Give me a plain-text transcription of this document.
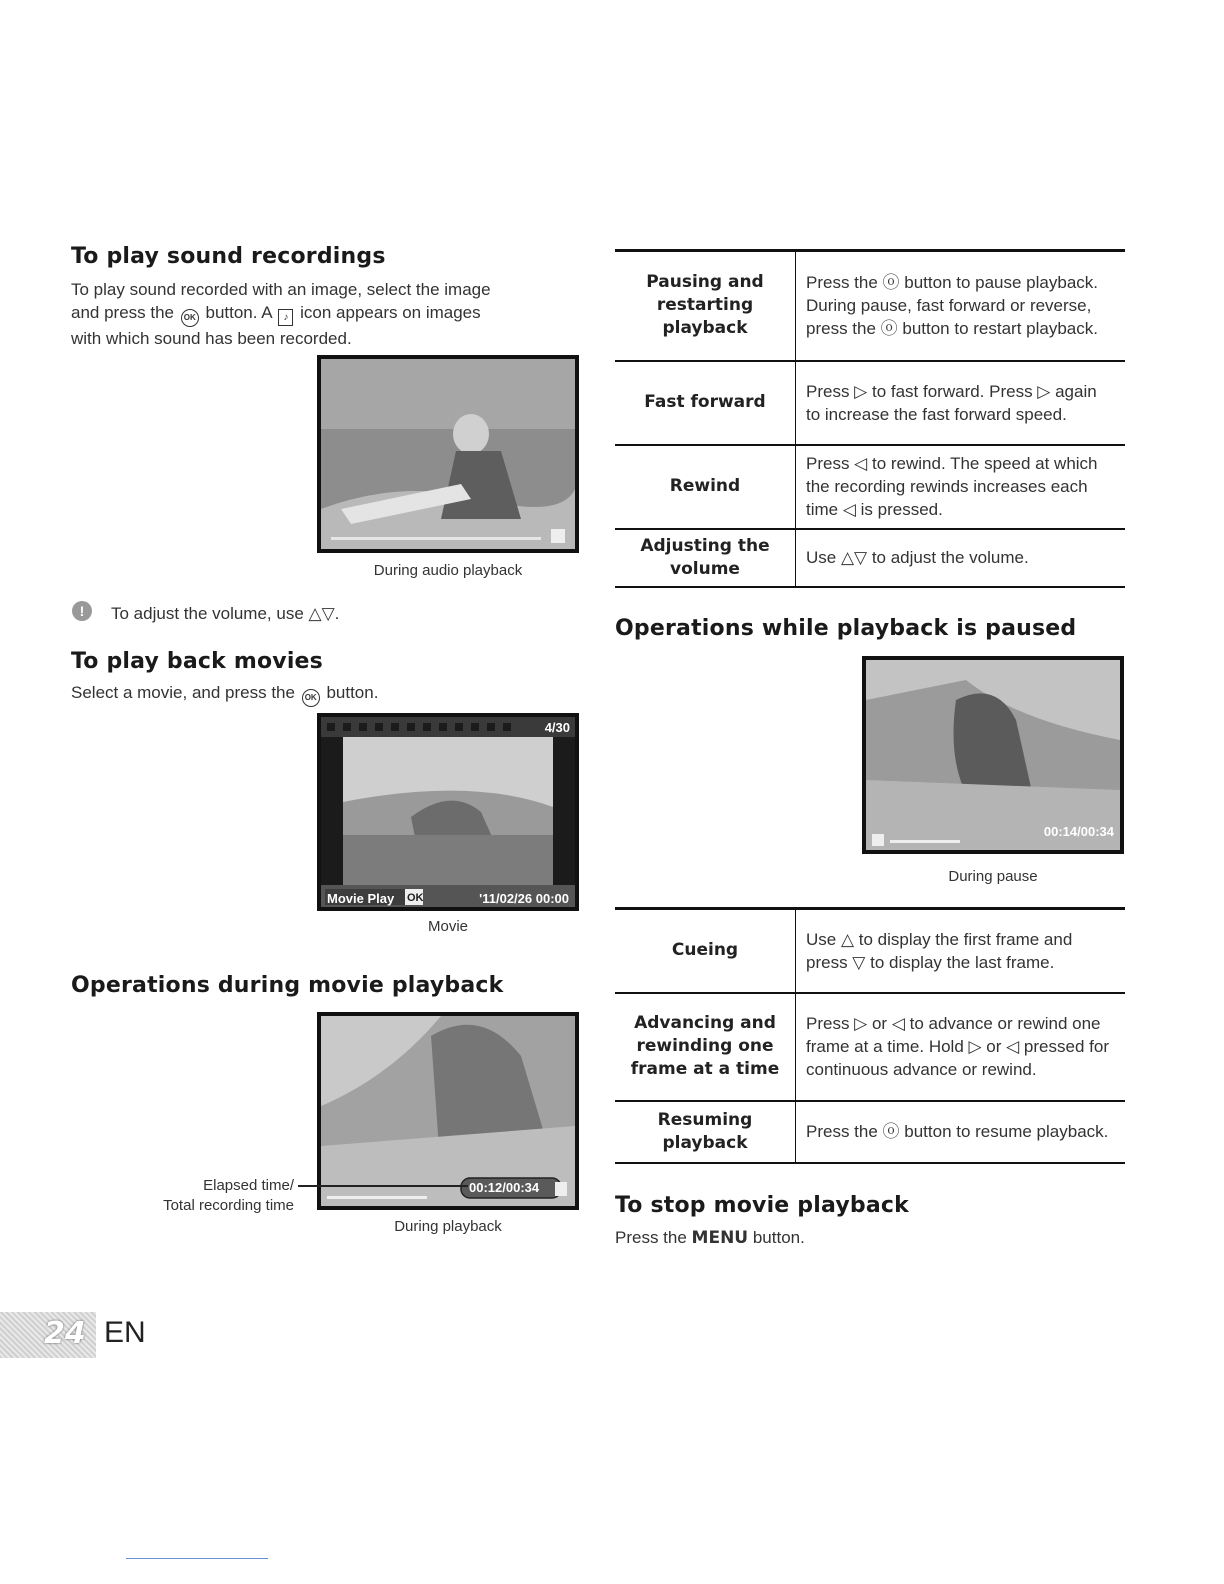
To play sound recordings

To play sound recorded with an image, select the image
and press the OK button. A ♪ icon appears on images
with which sound has been recorded.

During audio playback
!	To adjust the volume, use △▽.

To play back movies

Select a movie, and press the OK button.

4/30
Movie Play OK	'11/02/26 00:00
Movie
Operations during movie playback
00:12/00:34
Elapsed time/
Total recording time
During playback
Pausing and restarting playback	Press the ⓞ button to pause playback. During pause, fast forward or reverse, press the ⓞ button to restart playback.
Fast forward	Press ▷ to fast forward. Press ▷ again to increase the fast forward speed.
Rewind	Press ◁ to rewind. The speed at which the recording rewinds increases each time ◁ is pressed.
Adjusting the volume	Use △▽ to adjust the volume.
Operations while playback is paused
00:14/00:34
During pause
Cueing	Use △ to display the first frame and press ▽ to display the last frame.
Advancing and rewinding one frame at a time	Press ▷ or ◁ to advance or rewind one frame at a time. Hold ▷ or ◁ pressed for continuous advance or rewind.
Resuming playback	Press the ⓞ button to resume playback.
To stop movie playback

Press the MENU button.

24 EN
